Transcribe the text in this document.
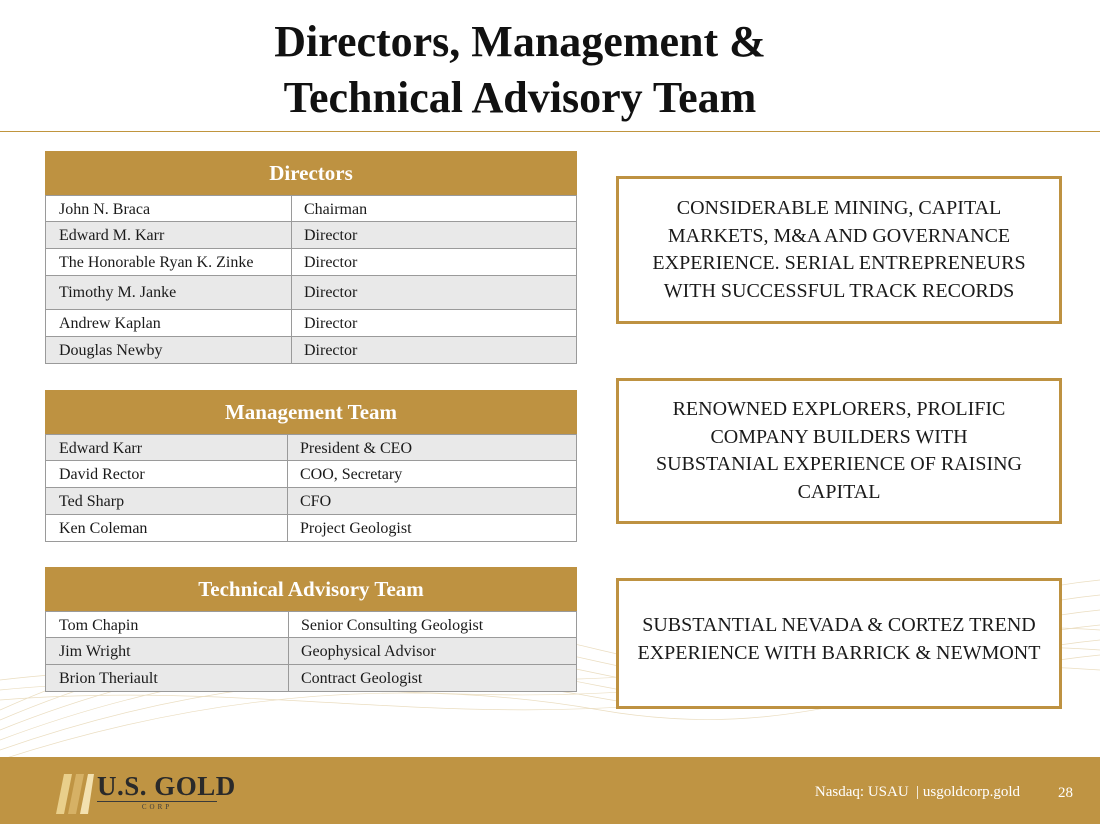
Directors, Management &
Technical Advisory Team
Directors
John N. Braca	Chairman
Edward M. Karr	Director
The Honorable Ryan K. Zinke	Director
Timothy M. Janke	Director
Andrew Kaplan	Director
Douglas Newby	Director
Management Team
Edward Karr	President & CEO
David Rector	COO, Secretary
Ted Sharp	CFO
Ken Coleman	Project Geologist
Technical Advisory Team
Tom Chapin	Senior Consulting Geologist
Jim Wright	Geophysical Advisor
Brion Theriault	Contract Geologist
CONSIDERABLE MINING, CAPITAL MARKETS, M&A AND GOVERNANCE EXPERIENCE. SERIAL ENTREPRENEURS WITH SUCCESSFUL TRACK RECORDS
RENOWNED EXPLORERS, PROLIFIC COMPANY BUILDERS WITH SUBSTANIAL EXPERIENCE OF RAISING CAPITAL
SUBSTANTIAL NEVADA & CORTEZ TREND EXPERIENCE WITH BARRICK & NEWMONT
U.S. GOLD
CORP
Nasdaq: USAU  | usgoldcorp.gold	28
